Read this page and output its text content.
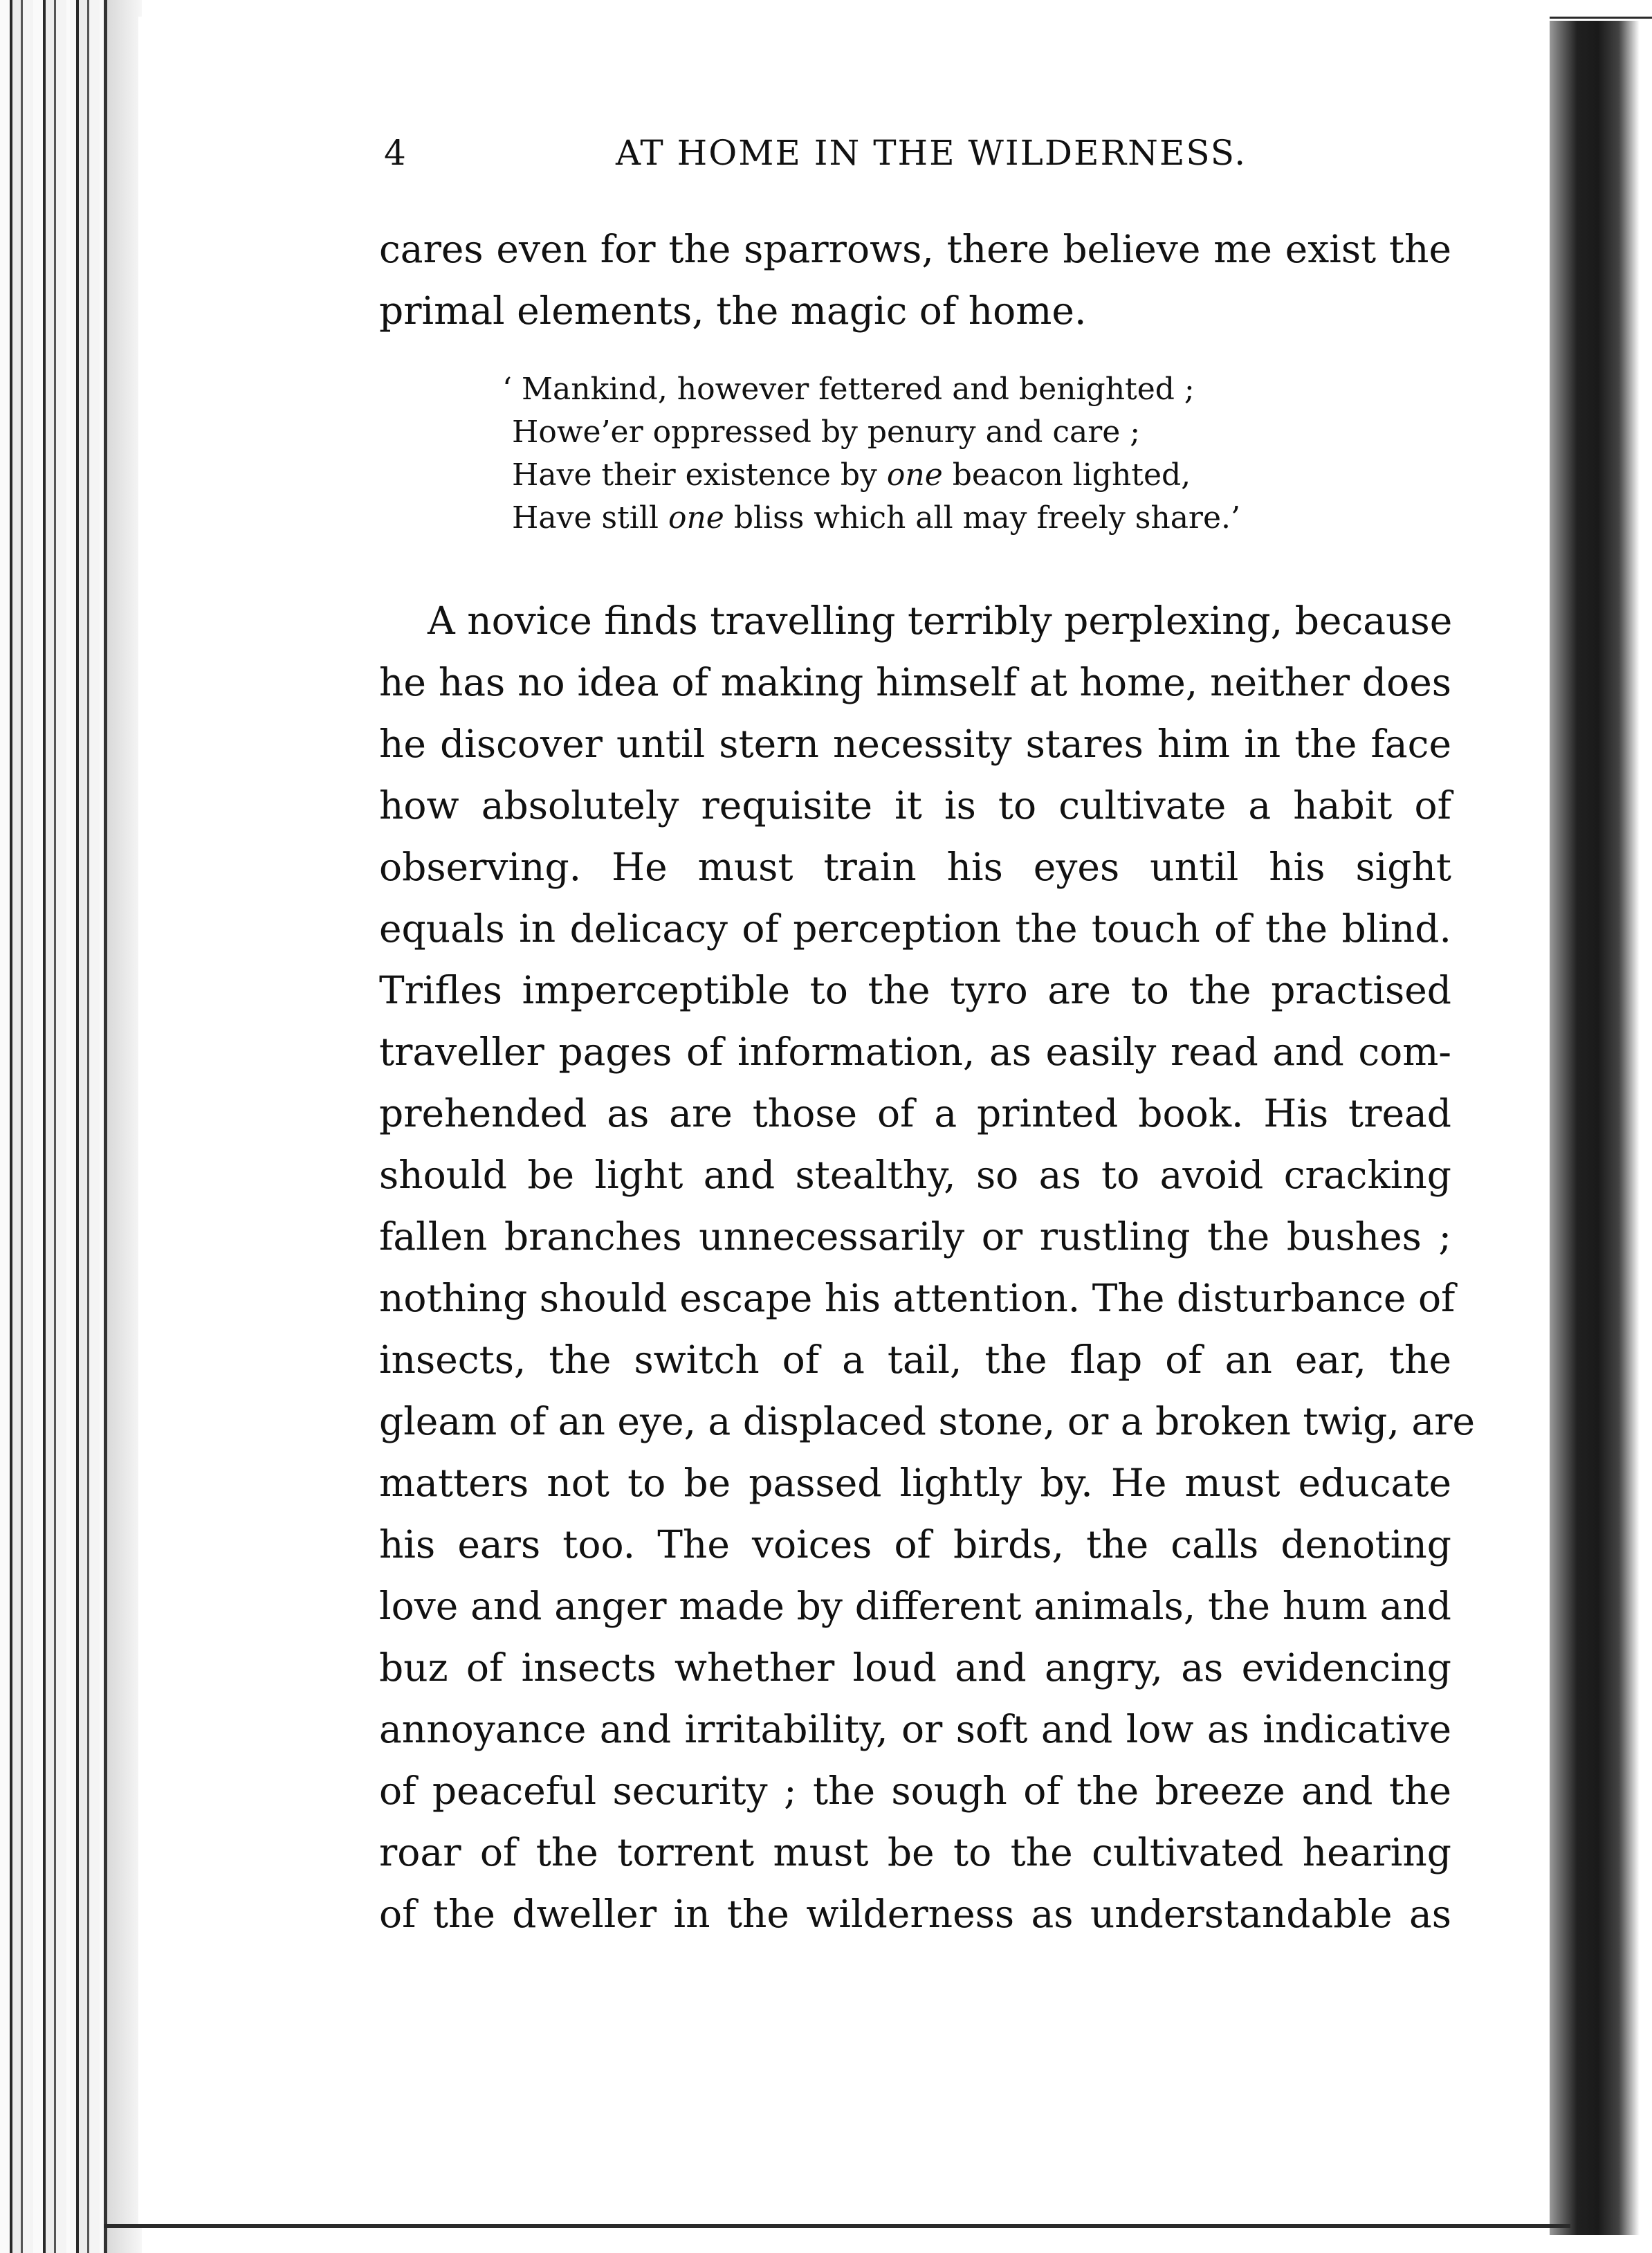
4	AT HOME IN THE WILDERNESS.
cares even for the sparrows, there believe me exist the
primal elements, the magic of home.
‘ Mankind, however fettered and benighted ;
Howe’er oppressed by penury and care ;
Have their existence by one beacon lighted,
Have still one bliss which all may freely share.’
A novice finds travelling terribly perplexing, because
he has no idea of making himself at home, neither does
he discover until stern necessity stares him in the face
how absolutely requisite it is to cultivate a habit of
observing. He must train his eyes until his sight
equals in delicacy of perception the touch of the blind.
Trifles imperceptible to the tyro are to the practised
traveller pages of information, as easily read and com-
prehended as are those of a printed book. His tread
should be light and stealthy, so as to avoid cracking
fallen branches unnecessarily or rustling the bushes ;
nothing should escape his attention. The disturbance of
insects, the switch of a tail, the flap of an ear, the
gleam of an eye, a displaced stone, or a broken twig, are
matters not to be passed lightly by. He must educate
his ears too. The voices of birds, the calls denoting
love and anger made by different animals, the hum and
buz of insects whether loud and angry, as evidencing
annoyance and irritability, or soft and low as indicative
of peaceful security ; the sough of the breeze and the
roar of the torrent must be to the cultivated hearing
of the dweller in the wilderness as understandable as
